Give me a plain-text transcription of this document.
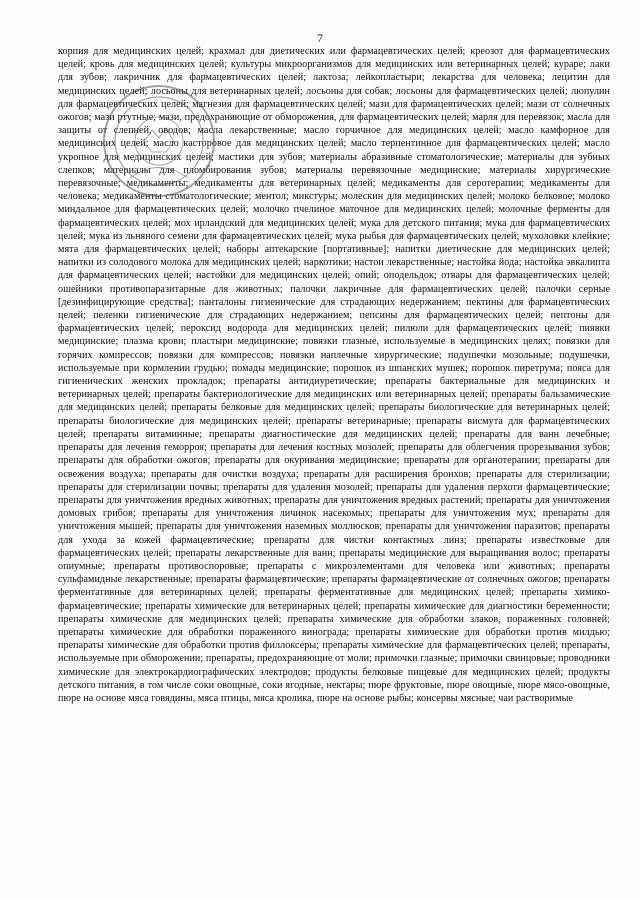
7
корпия для медицинских целей; крахмал для диетических или фармацевтических целей; креозот для фармацевтических целей; кровь для медицинских целей; культуры микроорганизмов для медицинских или ветеринарных целей; кураре; лаки для зубов; лакричник для фармацевтических целей; лактоза; лейкопластыри; лекарства для человека; лецитин для медицинских целей; лосьоны для ветеринарных целей; лосьоны для собак; лосьоны для фармацевтических целей; люпулин для фармацевтических целей; магнезия для фармацевтических целей; мази для фармацевтических целей; мази от солнечных ожогов; мази ртутные; мази, предохраняющие от обморожения, для фармацевтических целей; марля для перевязок; масла для защиты от слепней, оводов; масла лекарственные; масло горчичное для медицинских целей; масло камфорное для медицинских целей; масло касторовое для медицинских целей; масло терпентинное для фармацевтических целей; масло укропное для медицинских целей; мастики для зубов; материалы абразивные стоматологические; материалы для зубных слепков; материалы для пломбирования зубов; материалы перевязочные медицинские; материалы хирургические перевязочные; медикаменты; медикаменты для ветеринарных целей; медикаменты для серотерапии; медикаменты для человека; медикаменты стоматологические; ментол; микстуры; молескин для медицинских целей; молоко белковое; молоко миндальное для фармацевтических целей; молочко пчелиное маточное для медицинских целей; молочные ферменты для фармацевтических целей; мох ирландский для медицинских целей; мука для детского питания; мука для фармацевтических целей; мука из льняного семени для фармацевтических целей; мука рыбья для фармацевтических целей; мухоловки клейкие; мята для фармацевтических целей; наборы аптекарские [портативные]; напитки диетические для медицинских целей; напитки из солодового молока для медицинских целей; наркотики; настои лекарственные; настойка йода; настойка эвкалипта для фармацевтических целей; настойки для медицинских целей; опий; оподельдок; отвары для фармацевтических целей; ошейники противопаразитарные для животных; палочки лакричные для фармацевтических целей; палочки серные [дезинфицирующие средства]; панталоны гигиенические для страдающих недержанием; пектины для фармацевтических целей; пеленки гигиенические для страдающих недержанием; пепсины для фармацевтических целей; пептоны для фармацевтических целей; пероксид водорода для медицинских целей; пилюли для фармацевтических целей; пиявки медицинские; плазма крови; пластыри медицинские; повязки глазные, используемые в медицинских целях; повязки для горячих компрессов; повязки для компрессов; повязки наплечные хирургические; подушечки мозольные; подушечки, используемые при кормлении грудью; помады медицинские; порошок из шпанских мушек; порошок пиретрума; пояса для гигиенических женских прокладок; препараты антидиуретические; препараты бактериальные для медицинских и ветеринарных целей; препараты бактериологические для медицинских или ветеринарных целей; препараты бальзамические для медицинских целей; препараты белковые для медицинских целей; препараты биологические для ветеринарных целей; препараты биологические для медицинских целей; препараты ветеринарные; препараты висмута для фармацевтических целей; препараты витаминные; препараты диагностические для медицинских целей; препараты для ванн лечебные; препараты для лечения геморроя; препараты для лечения костных мозолей; препараты для облегчения прорезывания зубов; препараты для обработки ожогов; препараты для окуривания медицинские; препараты для органотерапии; препараты для освежения воздуха; препараты для очистки воздуха; препараты для расширения бронхов; препараты для стерилизации; препараты для стерилизации почвы; препараты для удаления мозолей; препараты для удаления перхоти фармацевтические; препараты для уничтожения вредных животных; препараты для уничтожения вредных растений; препараты для уничтожения домовых грибов; препараты для уничтожения личинок насекомых; препараты для уничтожения мух; препараты для уничтожения мышей; препараты для уничтожения наземных моллюсков; препараты для уничтожения паразитов; препараты для ухода за кожей фармацевтические; препараты для чистки контактных линз; препараты известковые для фармацевтических целей; препараты лекарственные для ванн; препараты медицинские для выращивания волос; препараты опиумные; препараты противоспоровые; препараты с микроэлементами для человека или животных; препараты сульфамидные лекарственные; препараты фармацевтические; препараты фармацевтические от солнечных ожогов; препараты ферментативные для ветеринарных целей; препараты ферментативные для медицинских целей; препараты химико-фармацевтические; препараты химические для ветеринарных целей; препараты химические для диагностики беременности; препараты химические для медицинских целей; препараты химические для обработки злаков, пораженных головней; препараты химические для обработки пораженного винограда; препараты химические для обработки против милдью; препараты химические для обработки против филлоксеры; препараты химические для фармацевтических целей; препараты, используемые при обморожении; препараты, предохраняющие от моли; примочки глазные; примочки свинцовые; проводники химические для электрокардиографических электродов; продукты белковые пищевые для медицинских целей; продукты детского питания, в том числе соки овощные, соки ягодные, нектары; пюре фруктовые, пюре овощные, пюре мясо-овощные, пюре на основе мяса говядины, мяса птицы, мяса кролика, пюре на основе рыбы; консервы мясные; чаи растворимые
